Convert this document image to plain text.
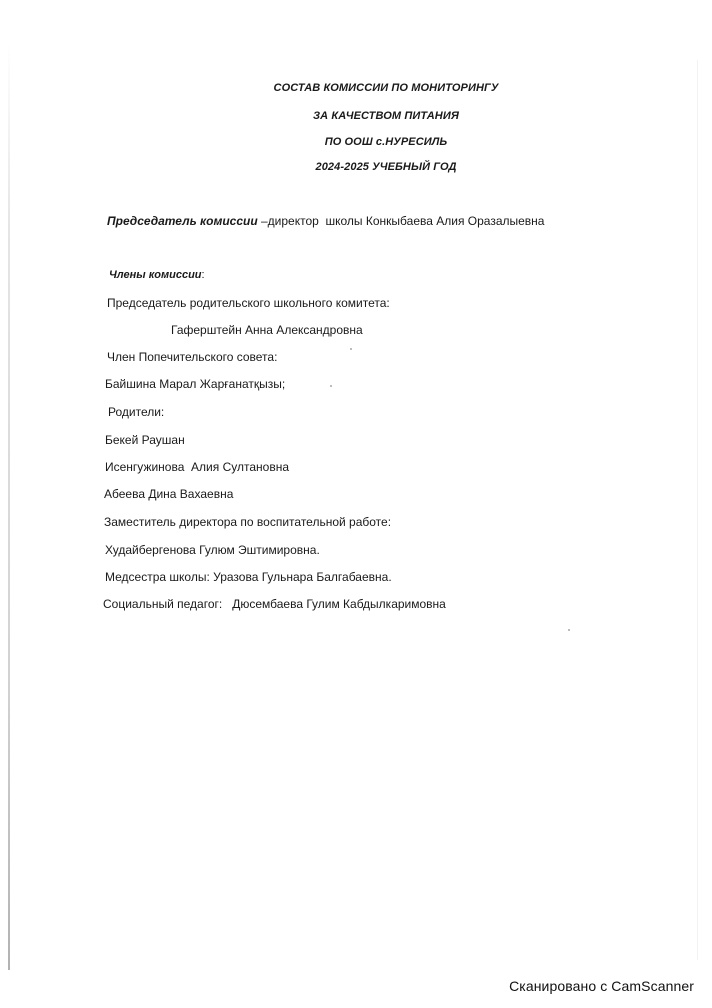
СОСТАВ КОМИССИИ ПО МОНИТОРИНГУ
ЗА КАЧЕСТВОМ ПИТАНИЯ
ПО ООШ с.НУРЕСИЛЬ
2024-2025 УЧЕБНЫЙ ГОД
Председатель комиссии –директор  школы Конкыбаева Алия Оразалыевна
Члены комиссии:
Председатель родительского школьного комитета:
Гаферштейн Анна Александровна
Член Попечительского совета:
Байшина Марал Жарғанатқызы;
Родители:
Бекей Раушан
Исенгужинова  Алия Султановна
Абеева Дина Вахаевна
Заместитель директора по воспитательной работе:
Худайбергенова Гулюм Эштимировна.
Медсестра школы: Уразова Гульнара Балгабаевна.
Социальный педагог:   Дюсембаева Гулим Кабдылкаримовна
Сканировано с CamScanner
